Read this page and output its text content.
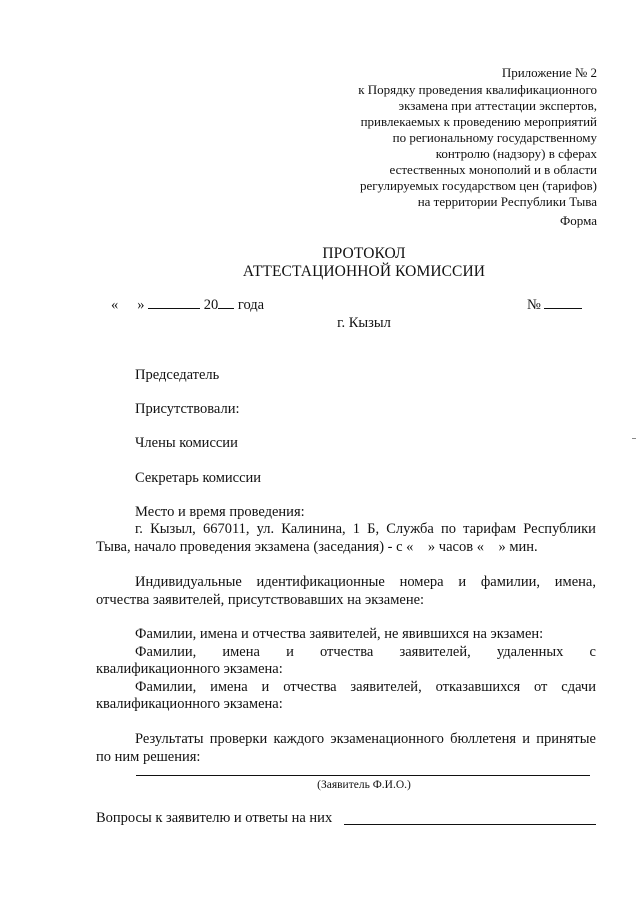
Приложение № 2
к Порядку проведения квалификационного
экзамена при аттестации экспертов,
привлекаемых к проведению мероприятий
по региональному государственному
контролю (надзору) в сферах
естественных монополий и в области
регулируемых государством цен (тарифов)
на территории Республики Тыва
Форма
ПРОТОКОЛ
АТТЕСТАЦИОННОЙ КОМИССИИ
« »	20 года	№
г. Кызыл
Председатель
Присутствовали:
Члены комиссии
Секретарь комиссии
Место и время проведения:
г. Кызыл, 667011, ул. Калинина, 1 Б, Служба по тарифам Республики
Тыва, начало проведения экзамена (заседания) - с «    » часов «    » мин.
Индивидуальные идентификационные номера и фамилии, имена,
отчества заявителей, присутствовавших на экзамене:
Фамилии, имена и отчества заявителей, не явившихся на экзамен:
Фамилии, имена и отчества заявителей, удаленных с
квалификационного экзамена:
Фамилии, имена и отчества заявителей, отказавшихся от сдачи
квалификационного экзамена:
Результаты проверки каждого экзаменационного бюллетеня и принятые
по ним решения:
(Заявитель Ф.И.О.)
Вопросы к заявителю и ответы на них
